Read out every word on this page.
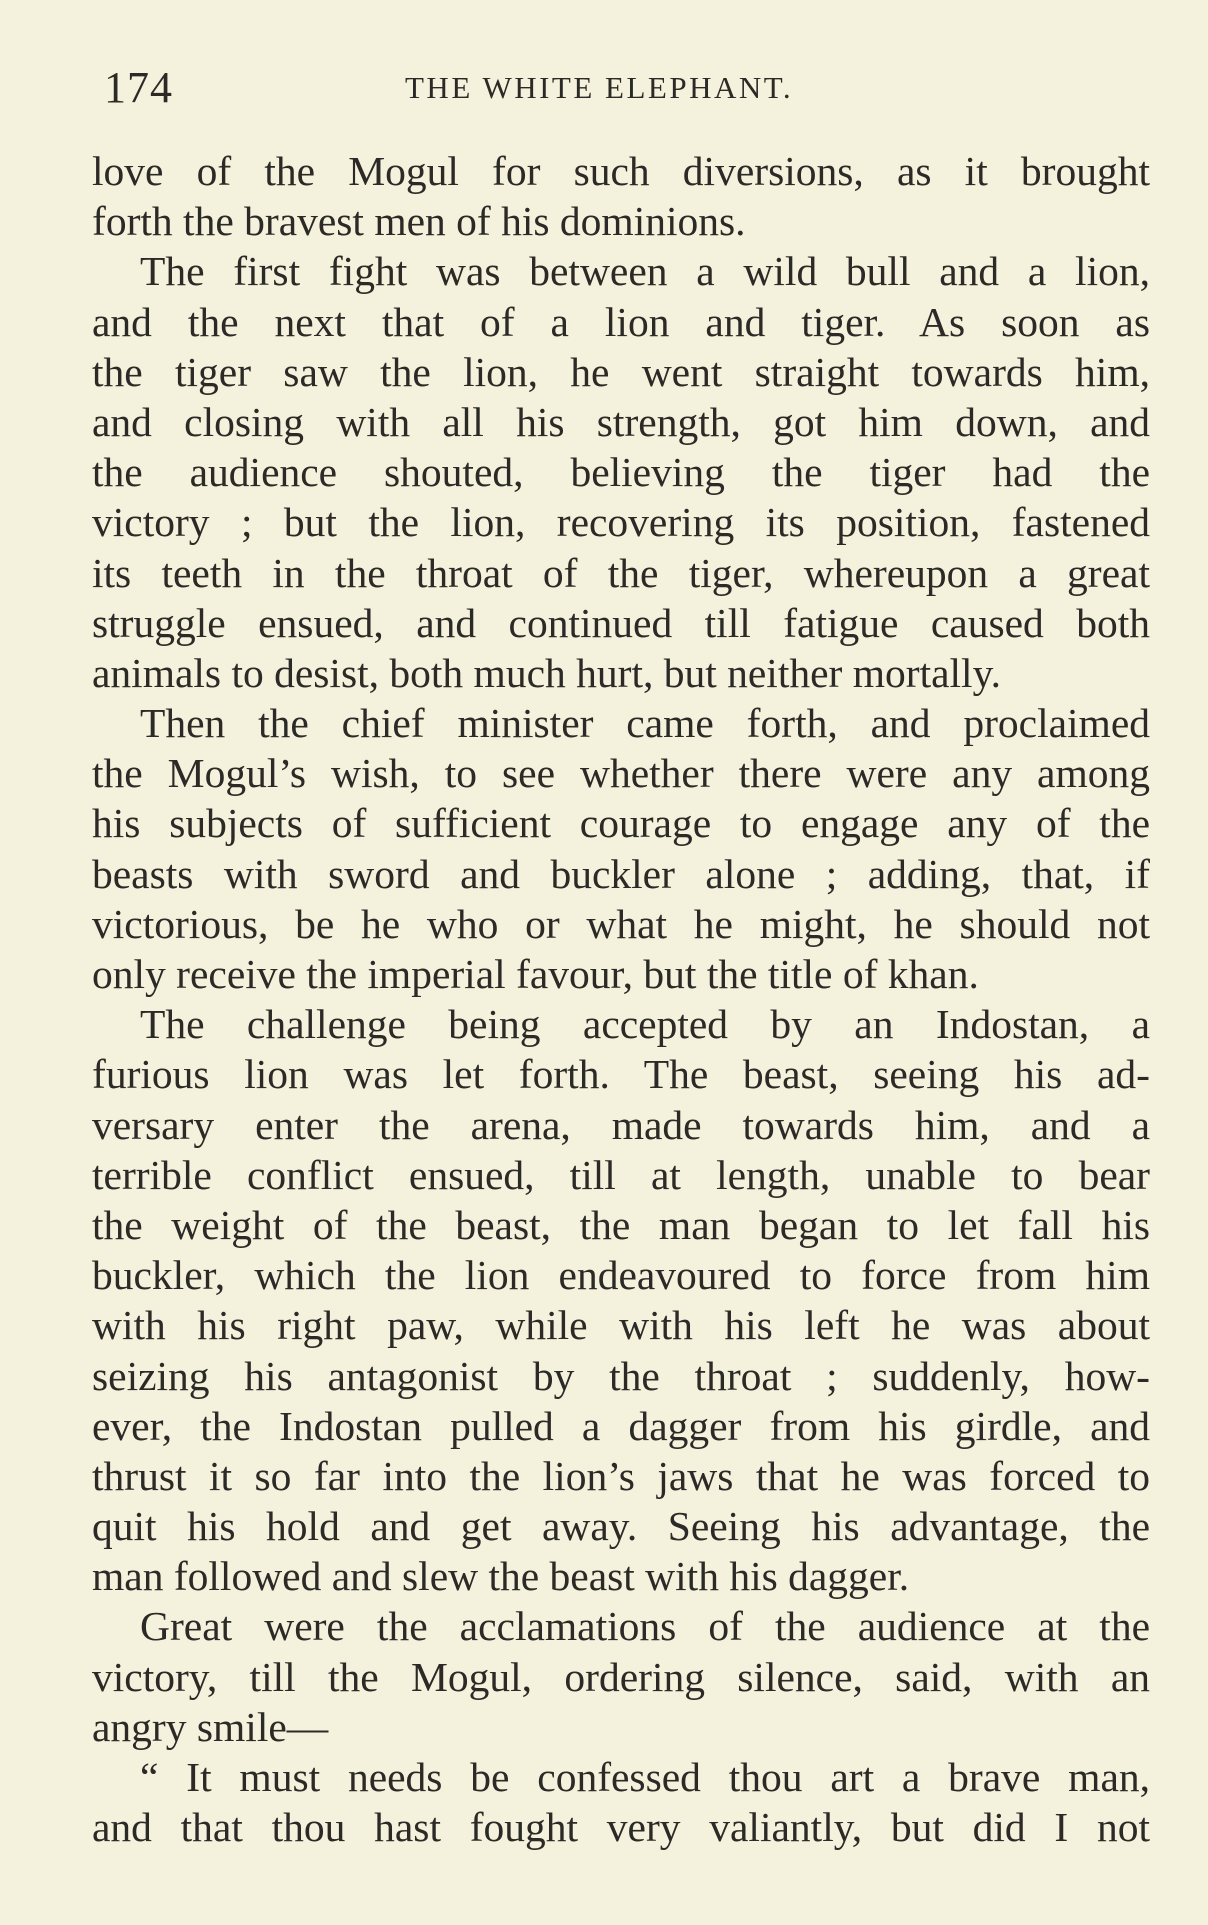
174	THE WHITE ELEPHANT.
love of the Mogul for such diversions, as it brought
forth the bravest men of his dominions.
The first fight was between a wild bull and a lion,
and the next that of a lion and tiger. As soon as
the tiger saw the lion, he went straight towards him,
and closing with all his strength, got him down, and
the audience shouted, believing the tiger had the
victory ; but the lion, recovering its position, fastened
its teeth in the throat of the tiger, whereupon a great
struggle ensued, and continued till fatigue caused both
animals to desist, both much hurt, but neither mortally.
Then the chief minister came forth, and proclaimed
the Mogul’s wish, to see whether there were any among
his subjects of sufficient courage to engage any of the
beasts with sword and buckler alone ; adding, that, if
victorious, be he who or what he might, he should not
only receive the imperial favour, but the title of khan.
The challenge being accepted by an Indostan, a
furious lion was let forth. The beast, seeing his ad-
versary enter the arena, made towards him, and a
terrible conflict ensued, till at length, unable to bear
the weight of the beast, the man began to let fall his
buckler, which the lion endeavoured to force from him
with his right paw, while with his left he was about
seizing his antagonist by the throat ; suddenly, how-
ever, the Indostan pulled a dagger from his girdle, and
thrust it so far into the lion’s jaws that he was forced to
quit his hold and get away. Seeing his advantage, the
man followed and slew the beast with his dagger.
Great were the acclamations of the audience at the
victory, till the Mogul, ordering silence, said, with an
angry smile—
“ It must needs be confessed thou art a brave man,
and that thou hast fought very valiantly, but did I not
